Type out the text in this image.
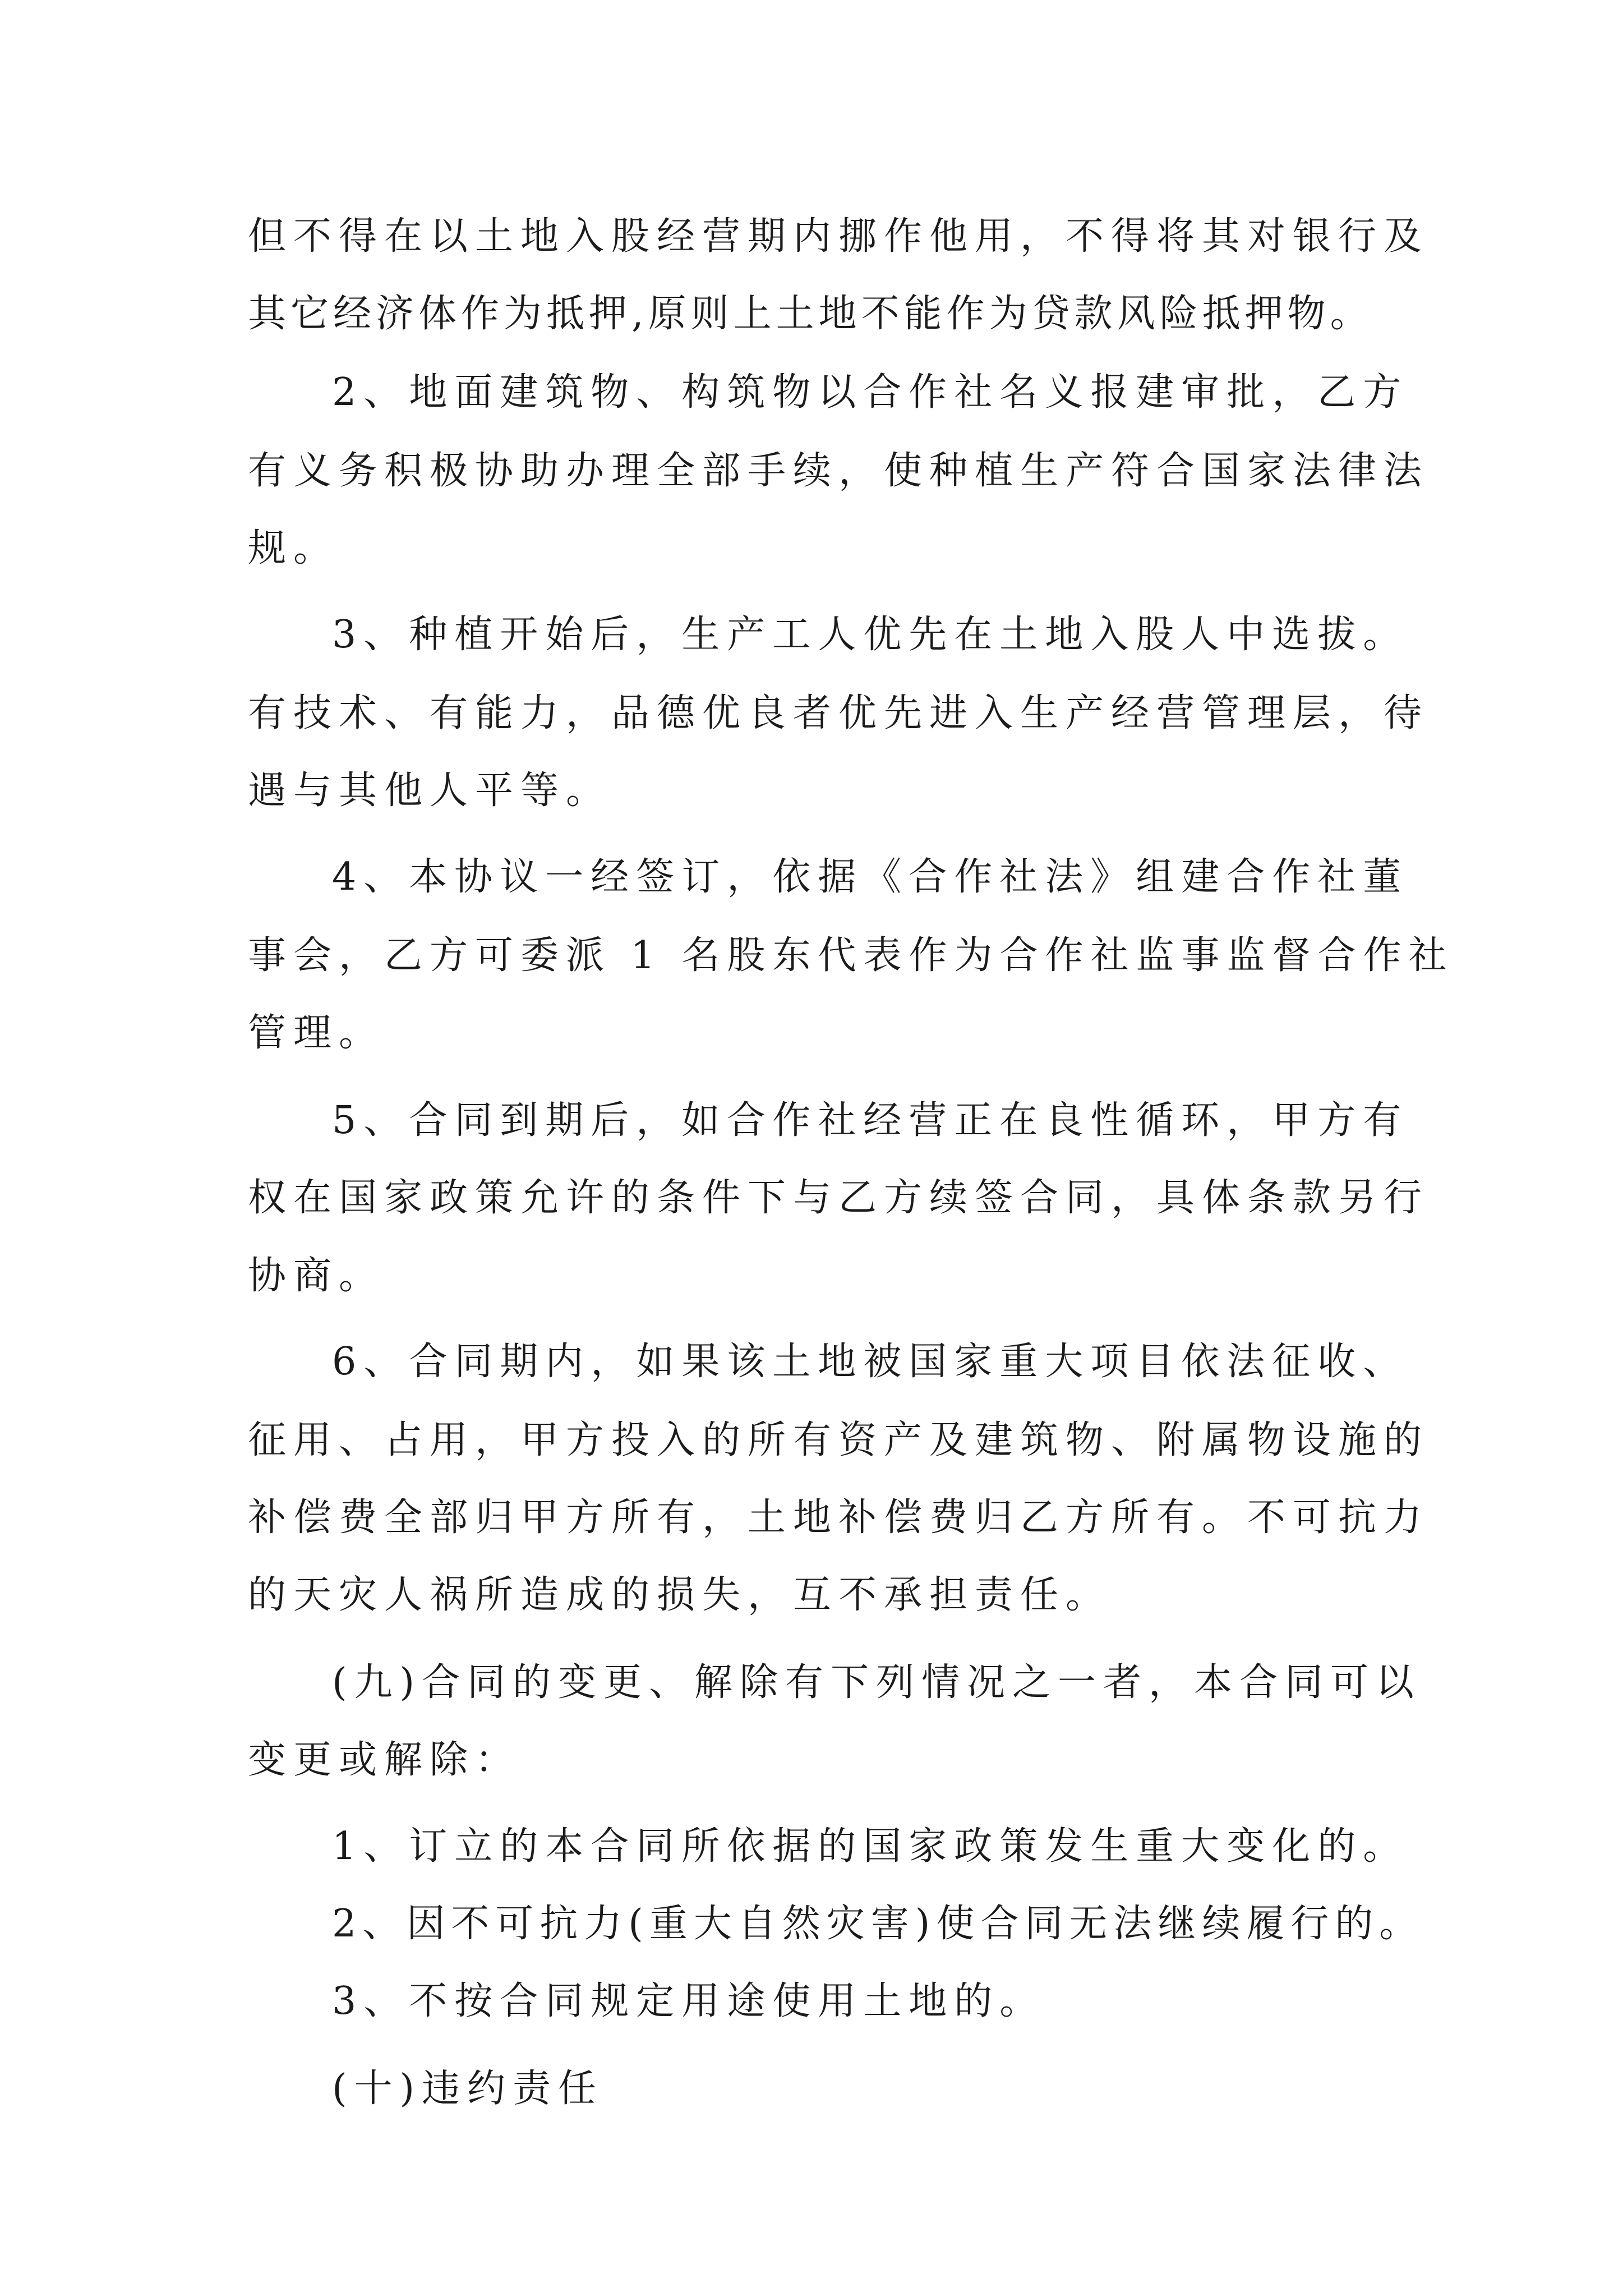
但不得在以土地入股经营期内挪作他用，不得将其对银行及
其它经济体作为抵押,原则上土地不能作为贷款风险抵押物。
2、地面建筑物、构筑物以合作社名义报建审批，乙方
有义务积极协助办理全部手续，使种植生产符合国家法律法
规。
3、种植开始后，生产工人优先在土地入股人中选拔。
有技术、有能力，品德优良者优先进入生产经营管理层，待
遇与其他人平等。
4、本协议一经签订，依据《合作社法》组建合作社董
事会，乙方可委派 1 名股东代表作为合作社监事监督合作社
管理。
5、合同到期后，如合作社经营正在良性循环，甲方有
权在国家政策允许的条件下与乙方续签合同，具体条款另行
协商。
6、合同期内，如果该土地被国家重大项目依法征收、
征用、占用，甲方投入的所有资产及建筑物、附属物设施的
补偿费全部归甲方所有，土地补偿费归乙方所有。不可抗力
的天灾人祸所造成的损失，互不承担责任。
(九)合同的变更、解除有下列情况之一者，本合同可以
变更或解除：
1、订立的本合同所依据的国家政策发生重大变化的。
2、因不可抗力(重大自然灾害)使合同无法继续履行的。
3、不按合同规定用途使用土地的。
(十)违约责任
